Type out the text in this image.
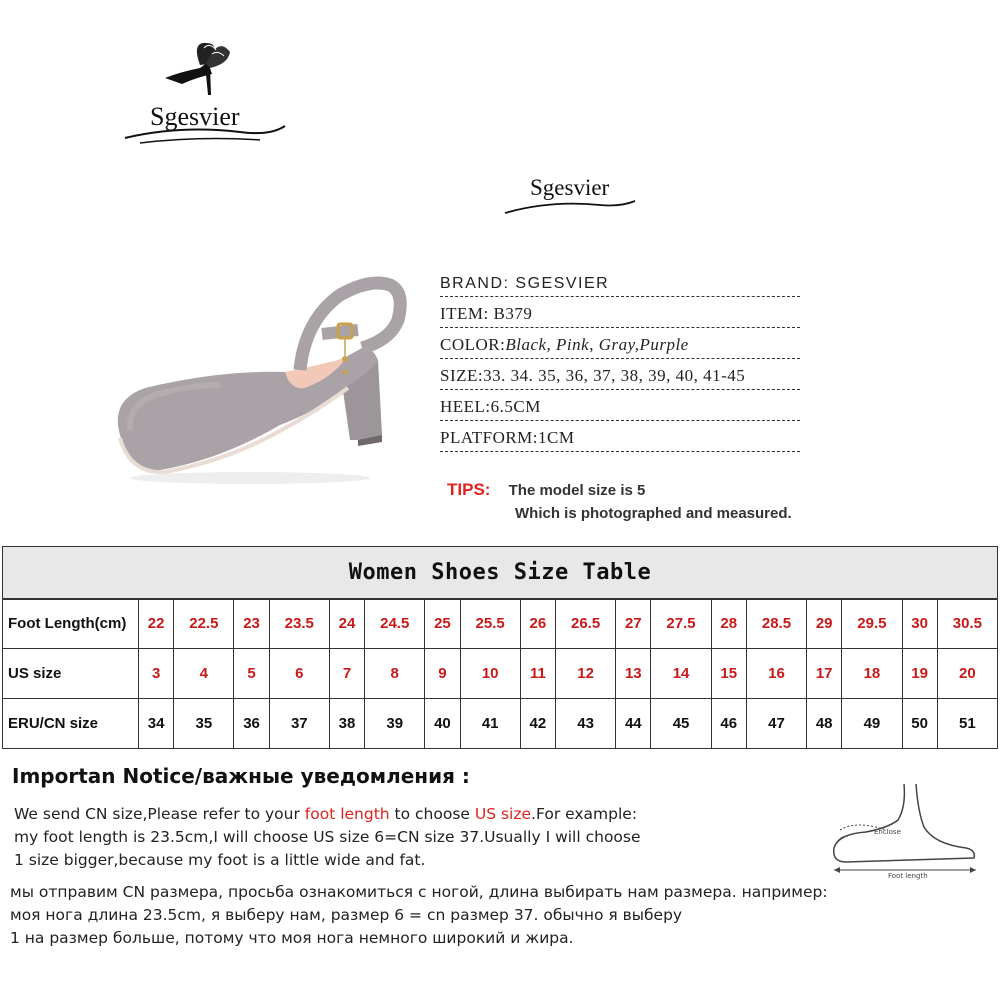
Sgesvier
Sgesvier
BRAND: SGESVIER
ITEM: B379
COLOR: Black, Pink, Gray,Purple
SIZE:33. 34. 35, 36, 37, 38, 39, 40, 41-45
HEEL:6.5CM
PLATFORM:1CM
TIPS: The model size is 5
Which is photographed and measured.
Women Shoes Size Table																		
Foot Length(cm)	22	22.5	23	23.5	24	24.5	25	25.5	26	26.5	27	27.5	28	28.5	29	29.5	30	30.5
US size	3	4	5	6	7	8	9	10	11	12	13	14	15	16	17	18	19	20
ERU/CN size	34	35	36	37	38	39	40	41	42	43	44	45	46	47	48	49	50	51
Importan Notice/важные уведомления :
We send CN size,Please refer to your foot length to choose US size.For example:
my foot length is 23.5cm,I will choose US size 6=CN size 37.Usually I will choose
1 size bigger,because my foot is a little wide and fat.
мы отправим CN размера, просьба ознакомиться с ногой, длина выбирать нам размера. например:
моя нога длина 23.5cm, я выберу нам, размер 6 = cn размер 37. обычно я выберу
1 на размер больше, потому что моя нога немного широкий и жира.
Enclose
Foot length
